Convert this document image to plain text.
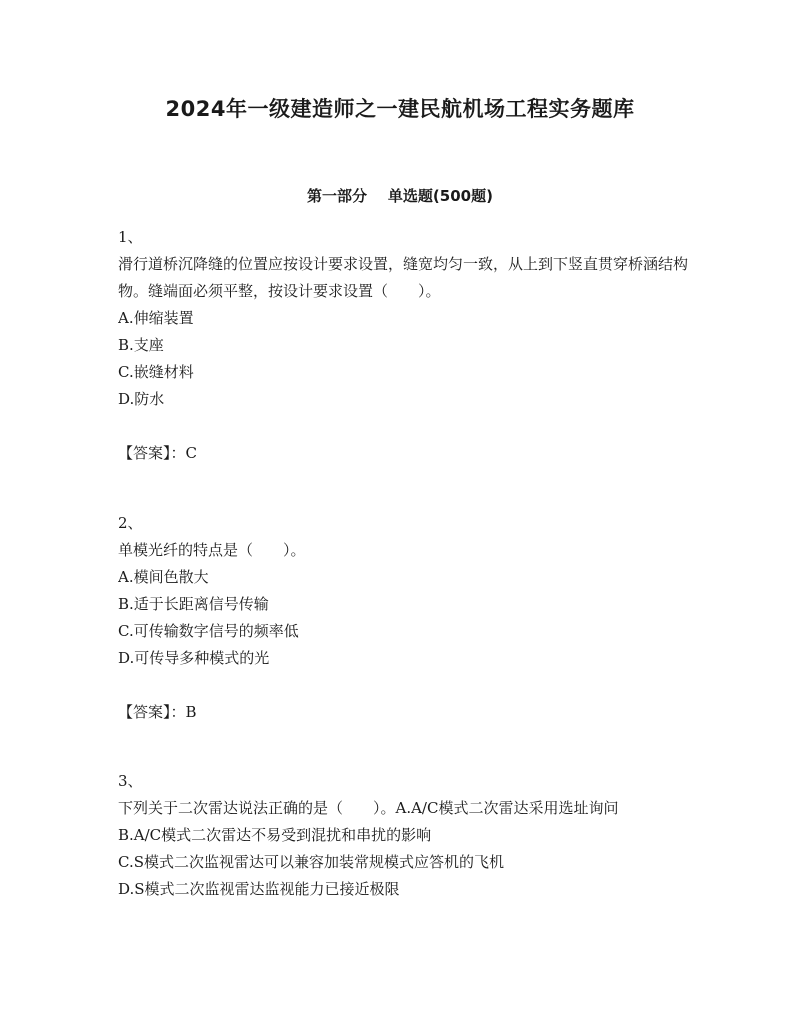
2024年一级建造师之一建民航机场工程实务题库
第一部分    单选题(500题)
1、
滑行道桥沉降缝的位置应按设计要求设置，缝宽均匀一致，从上到下竖直贯穿桥涵结构物。缝端面必须平整，按设计要求设置（　　）。
A.伸缩装置
B.支座
C.嵌缝材料
D.防水
【答案】：C
2、
单模光纤的特点是（　　）。
A.模间色散大
B.适于长距离信号传输
C.可传输数字信号的频率低
D.可传导多种模式的光
【答案】：B
3、
下列关于二次雷达说法正确的是（　　）。A.A/C模式二次雷达采用选址询问
B.A/C模式二次雷达不易受到混扰和串扰的影响
C.S模式二次监视雷达可以兼容加装常规模式应答机的飞机
D.S模式二次监视雷达监视能力已接近极限
